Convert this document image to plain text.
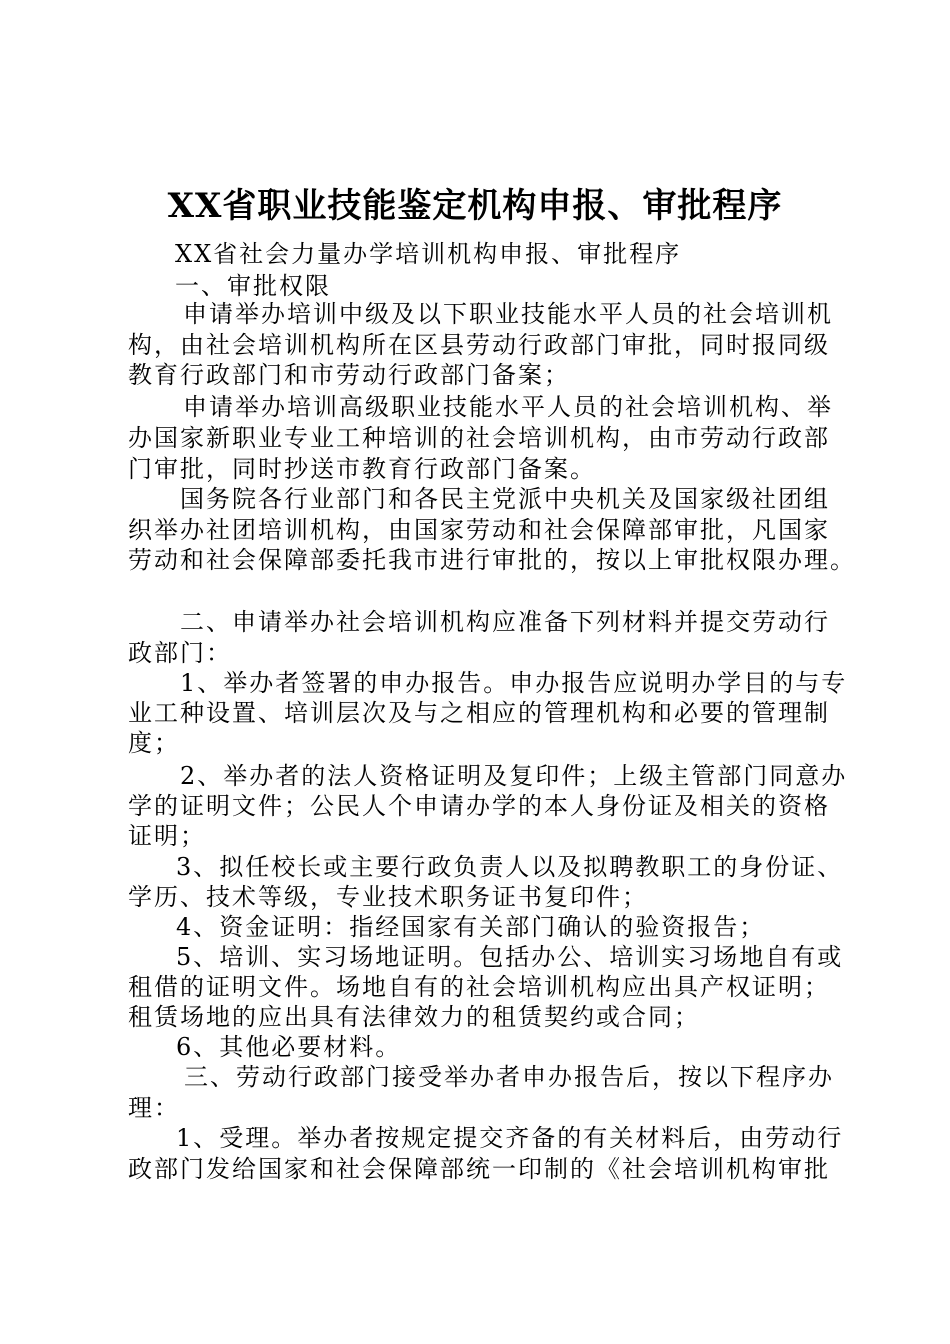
XX省职业技能鉴定机构申报、审批程序
XX省社会力量办学培训机构申报、审批程序
一、审批权限
申请举办培训中级及以下职业技能水平人员的社会培训机
构，由社会培训机构所在区县劳动行政部门审批，同时报同级
教育行政部门和市劳动行政部门备案；
申请举办培训高级职业技能水平人员的社会培训机构、举
办国家新职业专业工种培训的社会培训机构，由市劳动行政部
门审批，同时抄送市教育行政部门备案。
国务院各行业部门和各民主党派中央机关及国家级社团组
织举办社团培训机构，由国家劳动和社会保障部审批，凡国家
劳动和社会保障部委托我市进行审批的，按以上审批权限办理。
二、申请举办社会培训机构应准备下列材料并提交劳动行
政部门：
1、举办者签署的申办报告。申办报告应说明办学目的与专
业工种设置、培训层次及与之相应的管理机构和必要的管理制
度；
2、举办者的法人资格证明及复印件；上级主管部门同意办
学的证明文件；公民人个申请办学的本人身份证及相关的资格
证明；
3、拟任校长或主要行政负责人以及拟聘教职工的身份证、
学历、技术等级，专业技术职务证书复印件；
4、资金证明：指经国家有关部门确认的验资报告；
5、培训、实习场地证明。包括办公、培训实习场地自有或
租借的证明文件。场地自有的社会培训机构应出具产权证明；
租赁场地的应出具有法律效力的租赁契约或合同；
6、其他必要材料。
三、劳动行政部门接受举办者申办报告后，按以下程序办
理：
1、受理。举办者按规定提交齐备的有关材料后，由劳动行
政部门发给国家和社会保障部统一印制的《社会培训机构审批
